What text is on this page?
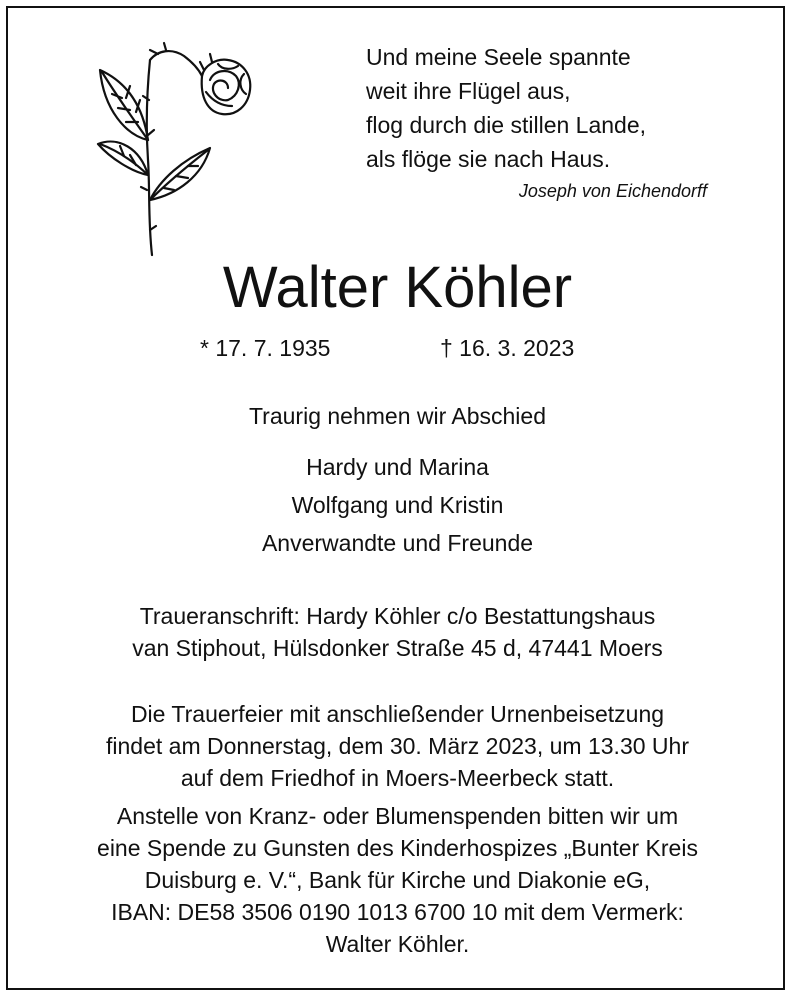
Und meine Seele spannte
weit ihre Flügel aus,
flog durch die stillen Lande,
als flöge sie nach Haus.
Joseph von Eichendorff
Walter Köhler
* 17. 7. 1935	† 16. 3. 2023
Traurig nehmen wir Abschied
Hardy und Marina
Wolfgang und Kristin
Anverwandte und Freunde
Traueranschrift: Hardy Köhler c/o Bestattungshaus
van Stiphout, Hülsdonker Straße 45 d, 47441 Moers
Die Trauerfeier mit anschließender Urnenbeisetzung
findet am Donnerstag, dem 30. März 2023, um 13.30 Uhr
auf dem Friedhof in Moers-Meerbeck statt.
Anstelle von Kranz- oder Blumenspenden bitten wir um
eine Spende zu Gunsten des Kinderhospizes „Bunter Kreis
Duisburg e. V.“, Bank für Kirche und Diakonie eG,
IBAN: DE58 3506 0190 1013 6700 10 mit dem Vermerk:
Walter Köhler.
